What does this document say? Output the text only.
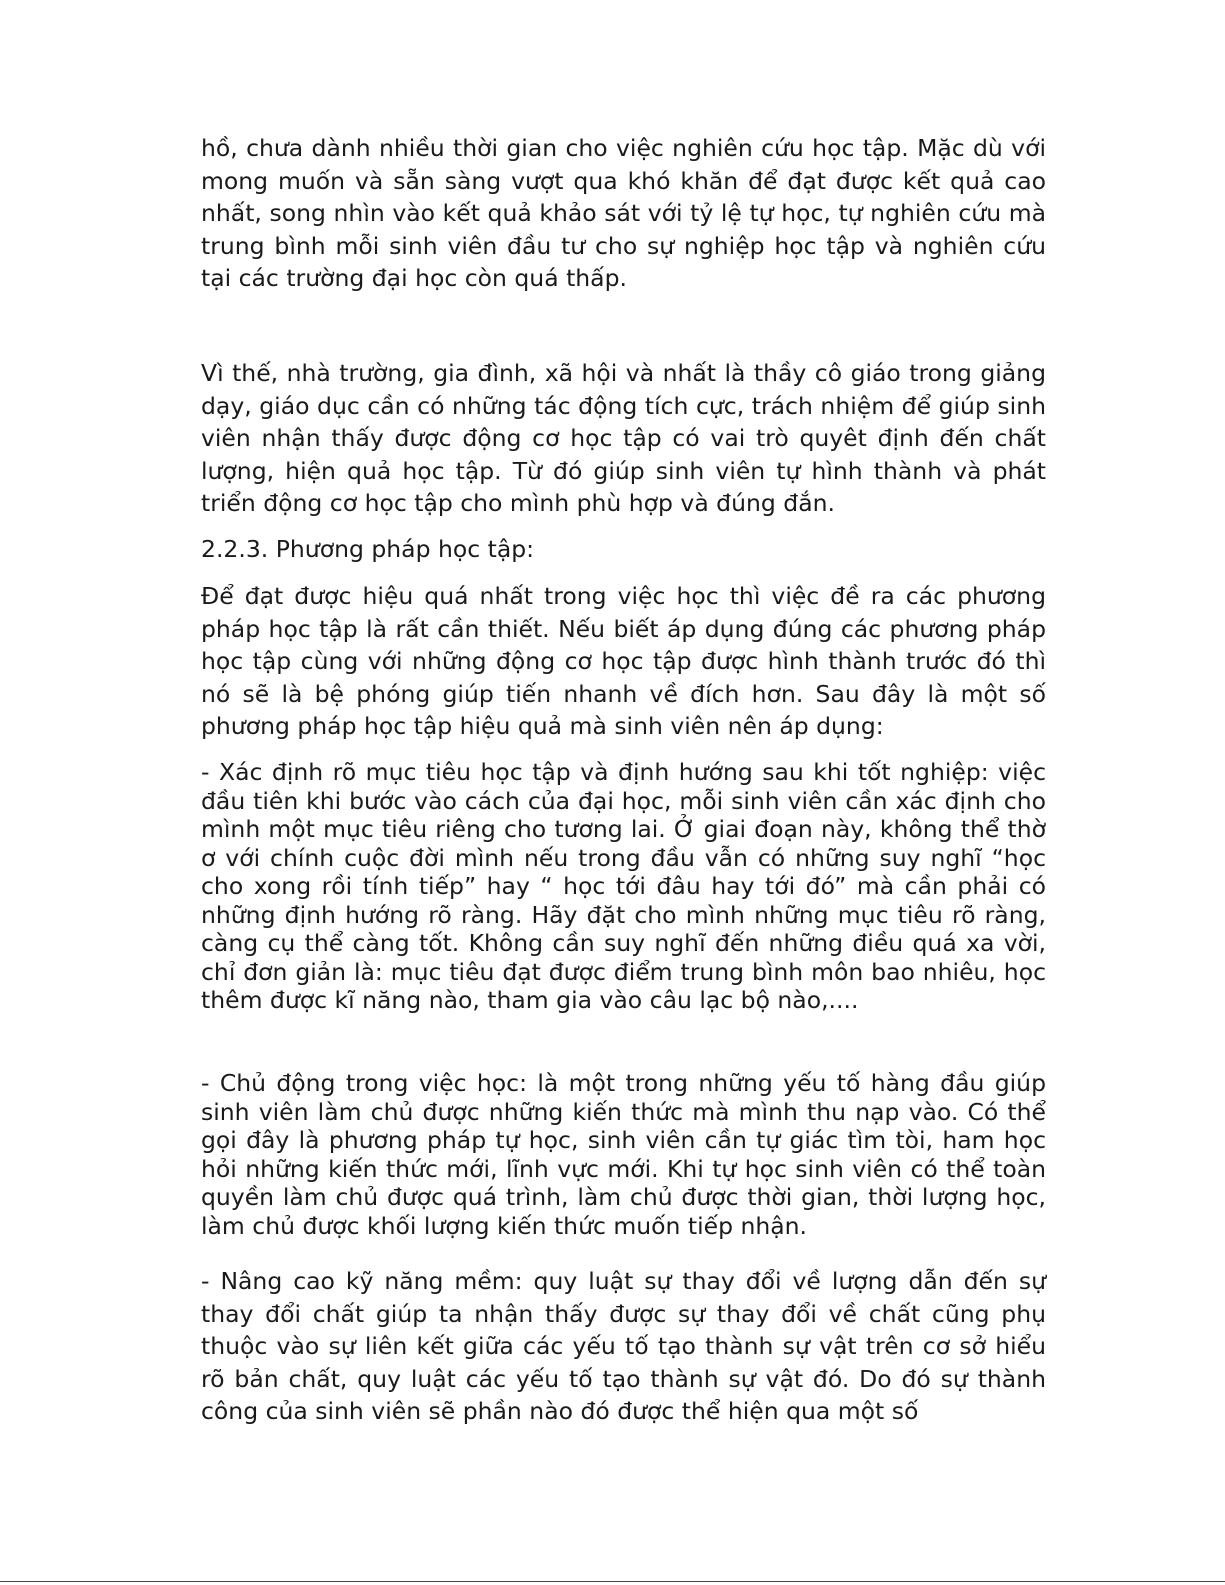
hồ, chưa dành nhiều thời gian cho việc nghiên cứu học tập. Mặc dù với mong muốn và sẵn sàng vượt qua khó khăn để đạt được kết quả cao nhất, song nhìn vào kết quả khảo sát với tỷ lệ tự học, tự nghiên cứu mà trung bình mỗi sinh viên đầu tư cho sự nghiệp học tập và nghiên cứu tại các trường đại học còn quá thấp.

Vì thế, nhà trường, gia đình, xã hội và nhất là thầy cô giáo trong giảng dạy, giáo dục cần có những tác động tích cực, trách nhiệm để giúp sinh viên nhận thấy được động cơ học tập có vai trò quyêt định đến chất lượng, hiện quả học tập. Từ đó giúp sinh viên tự hình thành và phát triển động cơ học tập cho mình phù hợp và đúng đắn.

2.2.3. Phương pháp học tập:

Để đạt được hiệu quá nhất trong việc học thì việc đề ra các phương pháp học tập là rất cần thiết. Nếu biết áp dụng đúng các phương pháp học tập cùng với những động cơ học tập được hình thành trước đó thì nó sẽ là bệ phóng giúp tiến nhanh về đích hơn. Sau đây là một số phương pháp học tập hiệu quả mà sinh viên nên áp dụng:

- Xác định rõ mục tiêu học tập và định hướng sau khi tốt nghiệp: việc đầu tiên khi bước vào cách của đại học, mỗi sinh viên cần xác định cho mình một mục tiêu riêng cho tương lai. Ở giai đoạn này, không thể thờ ơ với chính cuộc đời mình nếu trong đầu vẫn có những suy nghĩ “học cho xong rồi tính tiếp” hay “ học tới đâu hay tới đó” mà cần phải có những định hướng rõ ràng. Hãy đặt cho mình những mục tiêu rõ ràng, càng cụ thể càng tốt. Không cần suy nghĩ đến những điều quá xa vời, chỉ đơn giản là: mục tiêu đạt được điểm trung bình môn bao nhiêu, học thêm được kĩ năng nào, tham gia vào câu lạc bộ nào,....

- Chủ động trong việc học: là một trong những yếu tố hàng đầu giúp sinh viên làm chủ được những kiến thức mà mình thu nạp vào. Có thể gọi đây là phương pháp tự học, sinh viên cần tự giác tìm tòi, ham học hỏi những kiến thức mới, lĩnh vực mới. Khi tự học sinh viên có thể toàn quyền làm chủ được quá trình, làm chủ được thời gian, thời lượng học, làm chủ được khối lượng kiến thức muốn tiếp nhận.

- Nâng cao kỹ năng mềm: quy luật sự thay đổi về lượng dẫn đến sự thay đổi chất giúp ta nhận thấy được sự thay đổi về chất cũng phụ thuộc vào sự liên kết giữa các yếu tố tạo thành sự vật trên cơ sở hiểu rõ bản chất, quy luật các yếu tố tạo thành sự vật đó. Do đó sự thành công của sinh viên sẽ phần nào đó được thể hiện qua một số
